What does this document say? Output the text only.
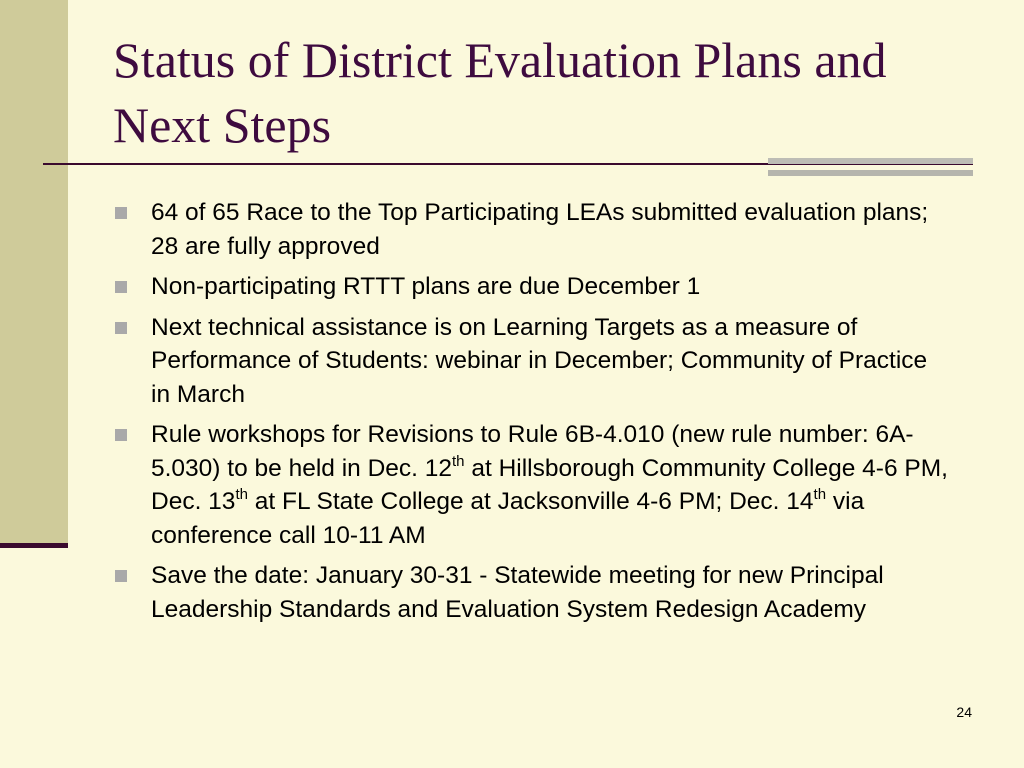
Status of District Evaluation Plans and Next Steps
64 of 65 Race to the Top Participating LEAs submitted evaluation plans; 28 are fully approved
Non-participating RTTT plans are due December 1
Next technical assistance is on Learning Targets as a measure of Performance of Students: webinar in December; Community of Practice in March
Rule workshops for Revisions to Rule 6B-4.010 (new rule number: 6A-5.030) to be held in Dec. 12th at Hillsborough Community College 4-6 PM, Dec. 13th at FL State College at Jacksonville 4-6 PM; Dec. 14th via conference call 10-11 AM
Save the date: January 30-31 - Statewide meeting for new Principal Leadership Standards and Evaluation System Redesign Academy
24
